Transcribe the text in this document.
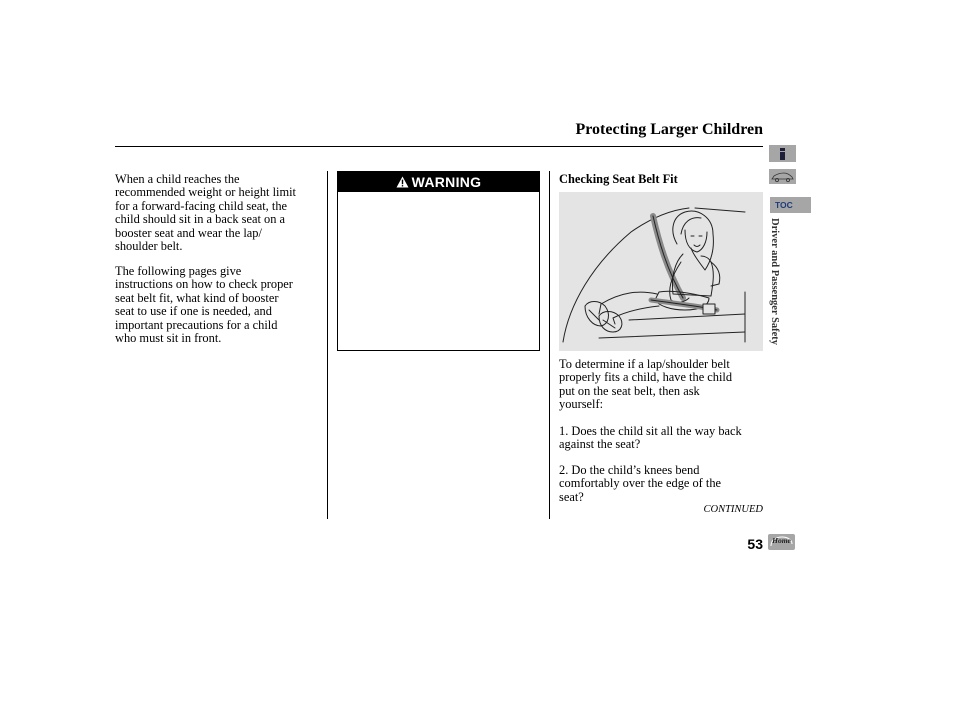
Protecting Larger Children
When a child reaches the
recommended weight or height limit
for a forward-facing child seat, the
child should sit in a back seat on a
booster seat and wear the lap/
shoulder belt.
The following pages give
instructions on how to check proper
seat belt fit, what kind of booster
seat to use if one is needed, and
important precautions for a child
who must sit in front.
WARNING	Checking Seat Belt Fit
To determine if a lap/shoulder belt
properly fits a child, have the child
put on the seat belt, then ask
yourself:
1. Does the child sit all the way back
against the seat?
2. Do the child’s knees bend
comfortably over the edge of the
seat?
CONTINUED
53	Home
TOC
Driver and Passenger Safety
